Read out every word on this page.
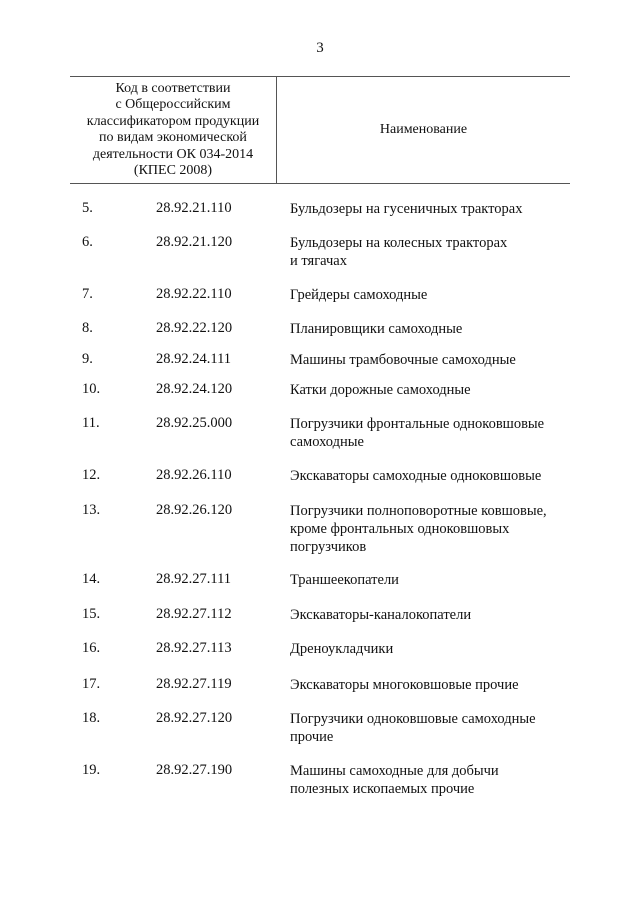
3
Код в соответствии
с Общероссийским
классификатором продукции
по видам экономической
деятельности ОК 034-2014
(КПЕС 2008)
Наименование
5.	28.92.21.110	Бульдозеры на гусеничных тракторах
6.	28.92.21.120	Бульдозеры на колесных тракторах
и тягачах
7.	28.92.22.110	Грейдеры самоходные
8.	28.92.22.120	Планировщики самоходные
9.	28.92.24.111	Машины трамбовочные самоходные
10.	28.92.24.120	Катки дорожные самоходные
11.	28.92.25.000	Погрузчики фронтальные одноковшовые
самоходные
12.	28.92.26.110	Экскаваторы самоходные одноковшовые
13.	28.92.26.120	Погрузчики полноповоротные ковшовые,
кроме фронтальных одноковшовых
погрузчиков
14.	28.92.27.111	Траншеекопатели
15.	28.92.27.112	Экскаваторы-каналокопатели
16.	28.92.27.113	Дреноукладчики
17.	28.92.27.119	Экскаваторы многоковшовые прочие
18.	28.92.27.120	Погрузчики одноковшовые самоходные
прочие
19.	28.92.27.190	Машины самоходные для добычи
полезных ископаемых прочие
